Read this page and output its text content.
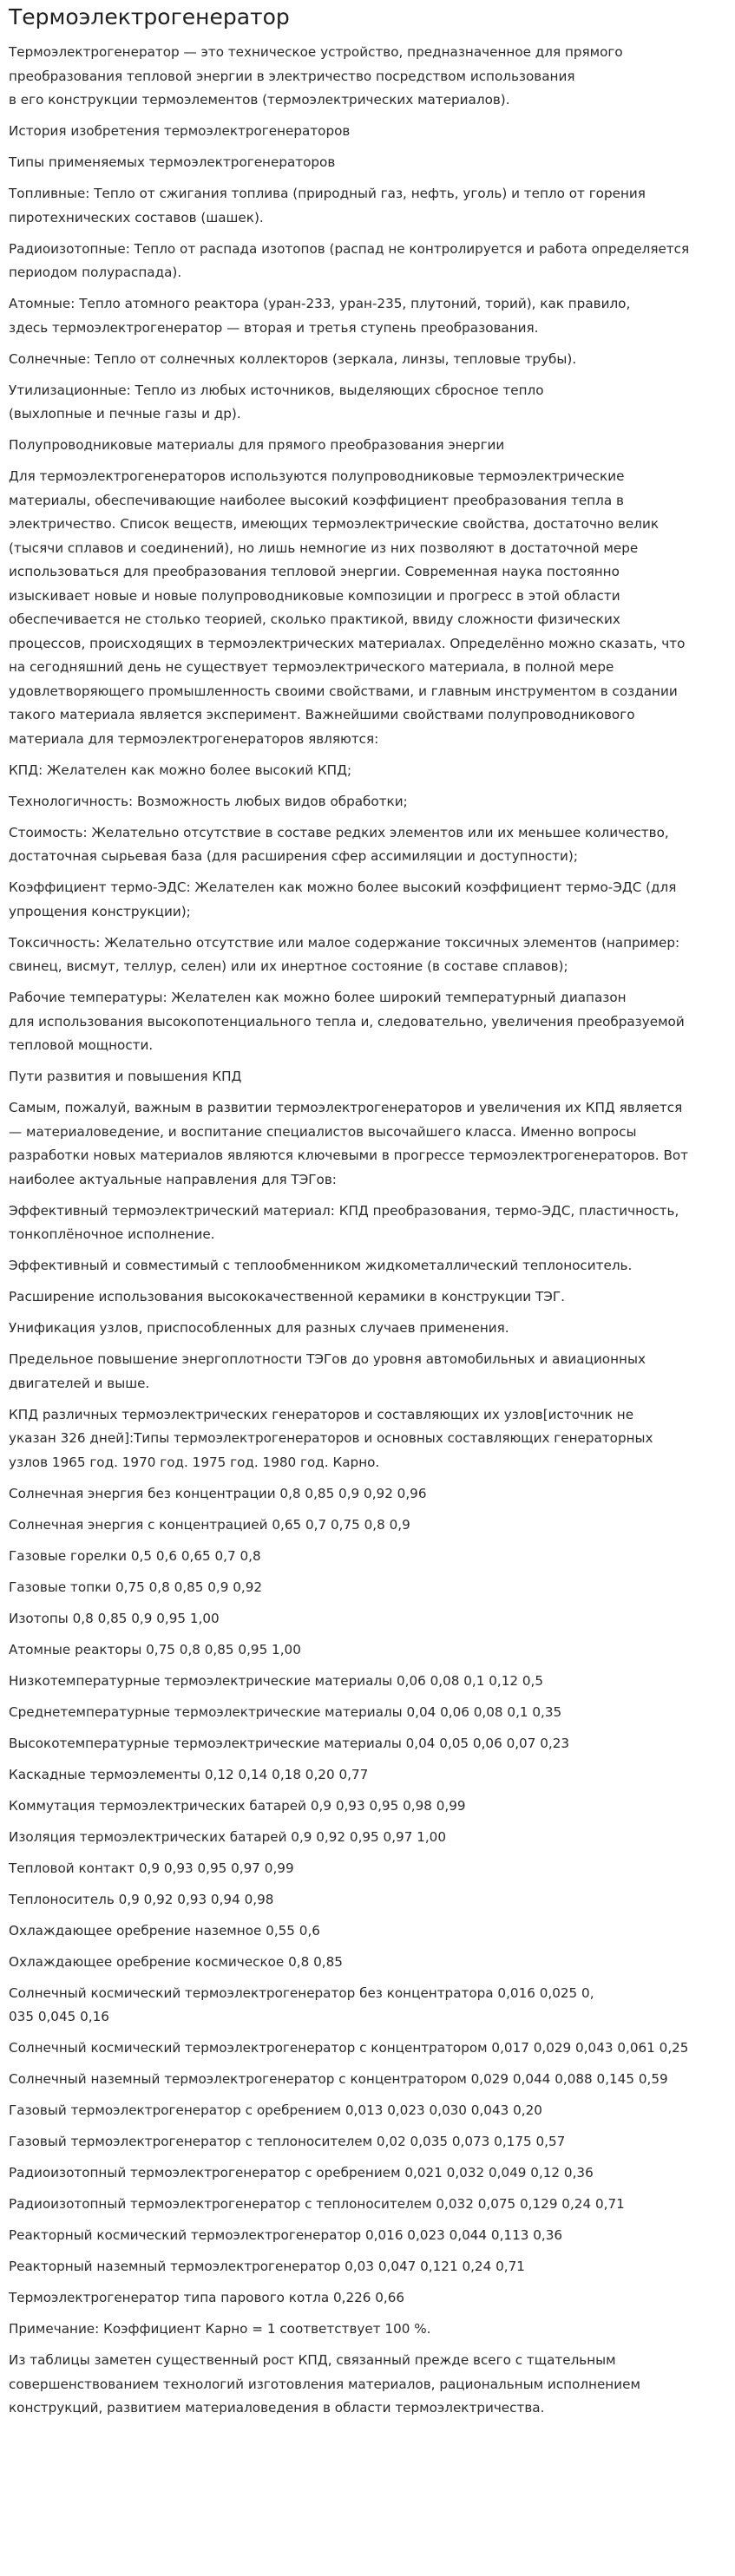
Термоэлектрогенератор

Термоэлектрогенератор — это техническое устройство, предназначенное для прямого
преобразования тепловой энергии в электричество посредством использования
в его конструкции термоэлементов (термоэлектрических материалов).

История изобретения термоэлектрогенераторов

Типы применяемых термоэлектрогенераторов

Топливные: Тепло от сжигания топлива (природный газ, нефть, уголь) и тепло от горения
пиротехнических составов (шашек).

Радиоизотопные: Тепло от распада изотопов (распад не контролируется и работа определяется
периодом полураспада).

Атомные: Тепло атомного реактора (уран-233, уран-235, плутоний, торий), как правило,
здесь термоэлектрогенератор — вторая и третья ступень преобразования.

Солнечные: Тепло от солнечных коллекторов (зеркала, линзы, тепловые трубы).

Утилизационные: Тепло из любых источников, выделяющих сбросное тепло
(выхлопные и печные газы и др).

Полупроводниковые материалы для прямого преобразования энергии

Для термоэлектрогенераторов используются полупроводниковые термоэлектрические
материалы, обеспечивающие наиболее высокий коэффициент преобразования тепла в
электричество. Список веществ, имеющих термоэлектрические свойства, достаточно велик
(тысячи сплавов и соединений), но лишь немногие из них позволяют в достаточной мере
использоваться для преобразования тепловой энергии. Современная наука постоянно
изыскивает новые и новые полупроводниковые композиции и прогресс в этой области
обеспечивается не столько теорией, сколько практикой, ввиду сложности физических
процессов, происходящих в термоэлектрических материалах. Определённо можно сказать, что
на сегодняшний день не существует термоэлектрического материала, в полной мере
удовлетворяющего промышленность своими свойствами, и главным инструментом в создании
такого материала является эксперимент. Важнейшими свойствами полупроводникового
материала для термоэлектрогенераторов являются:

КПД: Желателен как можно более высокий КПД;

Технологичность: Возможность любых видов обработки;

Стоимость: Желательно отсутствие в составе редких элементов или их меньшее количество,
достаточная сырьевая база (для расширения сфер ассимиляции и доступности);

Коэффициент термо-ЭДС: Желателен как можно более высокий коэффициент термо-ЭДС (для
упрощения конструкции);

Токсичность: Желательно отсутствие или малое содержание токсичных элементов (например:
свинец, висмут, теллур, селен) или их инертное состояние (в составе сплавов);

Рабочие температуры: Желателен как можно более широкий температурный диапазон
для использования высокопотенциального тепла и, следовательно, увеличения преобразуемой
тепловой мощности.

Пути развития и повышения КПД

Самым, пожалуй, важным в развитии термоэлектрогенераторов и увеличения их КПД является
— материаловедение, и воспитание специалистов высочайшего класса. Именно вопросы
разработки новых материалов являются ключевыми в прогрессе термоэлектрогенераторов. Вот
наиболее актуальные направления для ТЭГов:

Эффективный термоэлектрический материал: КПД преобразования, термо-ЭДС, пластичность,
тонкоплёночное исполнение.

Эффективный и совместимый с теплообменником жидкометаллический теплоноситель.

Расширение использования высококачественной керамики в конструкции ТЭГ.

Унификация узлов, приспособленных для разных случаев применения.

Предельное повышение энергоплотности ТЭГов до уровня автомобильных и авиационных
двигателей и выше.

КПД различных термоэлектрических генераторов и составляющих их узлов[источник не
указан 326 дней]:Типы термоэлектрогенераторов и основных составляющих генераторных
узлов 1965 год. 1970 год. 1975 год. 1980 год. Карно.

Солнечная энергия без концентрации 0,8 0,85 0,9 0,92 0,96

Солнечная энергия с концентрацией 0,65 0,7 0,75 0,8 0,9

Газовые горелки 0,5 0,6 0,65 0,7 0,8

Газовые топки 0,75 0,8 0,85 0,9 0,92

Изотопы 0,8 0,85 0,9 0,95 1,00

Атомные реакторы 0,75 0,8 0,85 0,95 1,00

Низкотемпературные термоэлектрические материалы 0,06 0,08 0,1 0,12 0,5

Среднетемпературные термоэлектрические материалы 0,04 0,06 0,08 0,1 0,35

Высокотемпературные термоэлектрические материалы 0,04 0,05 0,06 0,07 0,23

Каскадные термоэлементы 0,12 0,14 0,18 0,20 0,77

Коммутация термоэлектрических батарей 0,9 0,93 0,95 0,98 0,99

Изоляция термоэлектрических батарей 0,9 0,92 0,95 0,97 1,00

Тепловой контакт 0,9 0,93 0,95 0,97 0,99

Теплоноситель 0,9 0,92 0,93 0,94 0,98

Охлаждающее оребрение наземное 0,55 0,6

Охлаждающее оребрение космическое 0,8 0,85

Солнечный космический термоэлектрогенератор без концентратора 0,016 0,025 0,
035 0,045 0,16

Солнечный космический термоэлектрогенератор с концентратором 0,017 0,029 0,043 0,061 0,25

Солнечный наземный термоэлектрогенератор с концентратором 0,029 0,044 0,088 0,145 0,59

Газовый термоэлектрогенератор с оребрением 0,013 0,023 0,030 0,043 0,20

Газовый термоэлектрогенератор с теплоносителем 0,02 0,035 0,073 0,175 0,57

Радиоизотопный термоэлектрогенератор с оребрением 0,021 0,032 0,049 0,12 0,36

Радиоизотопный термоэлектрогенератор с теплоносителем 0,032 0,075 0,129 0,24 0,71

Реакторный космический термоэлектрогенератор 0,016 0,023 0,044 0,113 0,36

Реакторный наземный термоэлектрогенератор 0,03 0,047 0,121 0,24 0,71

Термоэлектрогенератор типа парового котла 0,226 0,66

Примечание: Коэффициент Карно = 1 соответствует 100 %.

Из таблицы заметен существенный рост КПД, связанный прежде всего с тщательным
совершенствованием технологий изготовления материалов, рациональным исполнением
конструкций, развитием материаловедения в области термоэлектричества.
